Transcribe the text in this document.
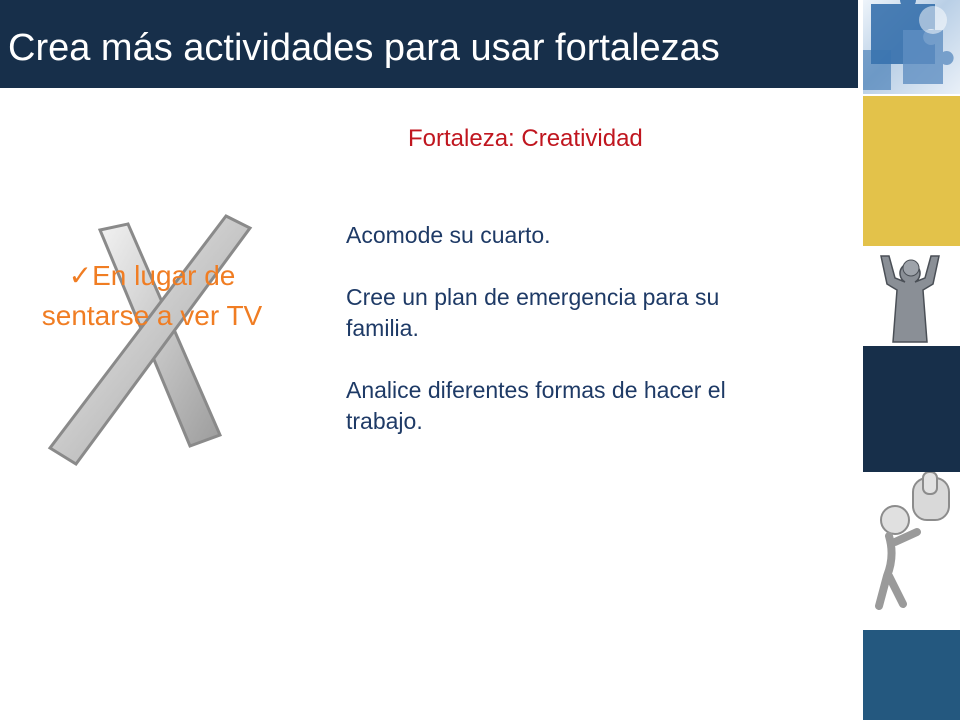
Crea más actividades para usar fortalezas
Fortaleza: Creatividad
✓En lugar de sentarse a ver TV

Acomode su cuarto.

Cree un plan de emergencia para su familia.

Analice diferentes formas de hacer el trabajo.
